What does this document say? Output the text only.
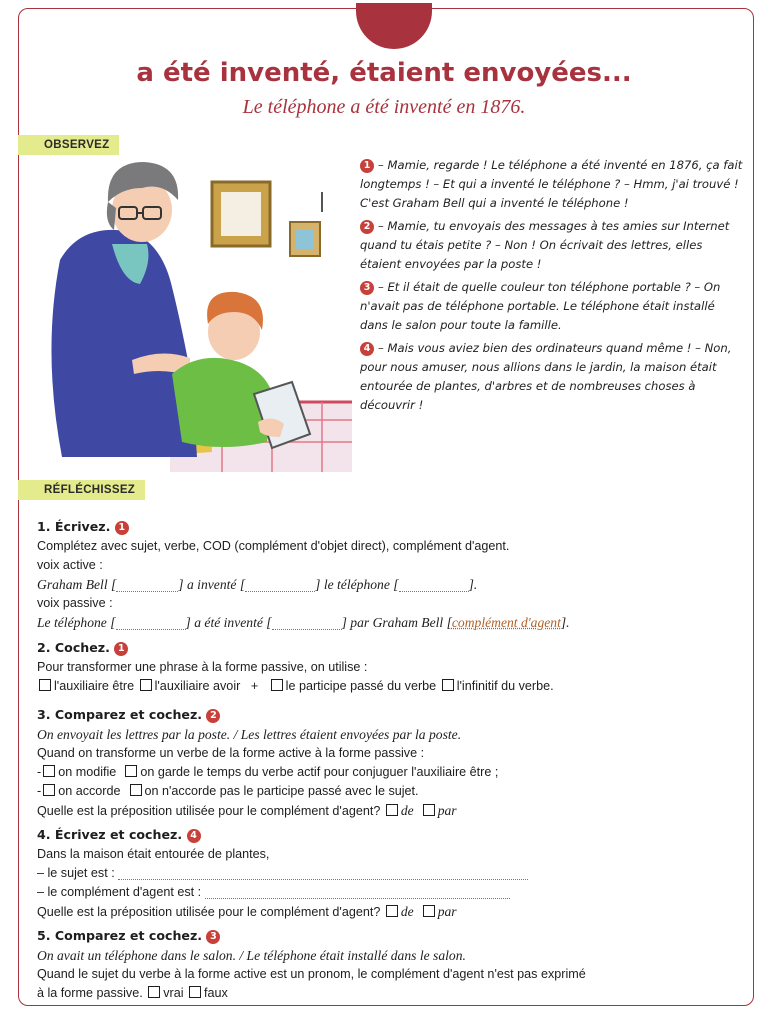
a été inventé, étaient envoyées...
Le téléphone a été inventé en 1876.
OBSERVEZ

1 – Mamie, regarde ! Le téléphone a été inventé en 1876, ça fait longtemps ! – Et qui a inventé le téléphone ? – Hmm, j'ai trouvé ! C'est Graham Bell qui a inventé le téléphone !

2 – Mamie, tu envoyais des messages à tes amies sur Internet quand tu étais petite ? – Non ! On écrivait des lettres, elles étaient envoyées par la poste !

3 – Et il était de quelle couleur ton téléphone portable ? – On n'avait pas de téléphone portable. Le téléphone était installé dans le salon pour toute la famille.

4 – Mais vous aviez bien des ordinateurs quand même ! – Non, pour nous amuser, nous allions dans le jardin, la maison était entourée de plantes, d'arbres et de nombreuses choses à découvrir !

RÉFLÉCHISSEZ

1. Écrivez. 1

Complétez avec sujet, verbe, COD (complément d'objet direct), complément d'agent.

voix active :

Graham Bell [	] a inventé [	] le téléphone [	].

voix passive :

Le téléphone [	] a été inventé [	] par Graham Bell [complément d'agent].

2. Cochez. 1

Pour transformer une phrase à la forme passive, on utilise :

l'auxiliaire être l'auxiliaire avoir + le participe passé du verbe l'infinitif du verbe.

3. Comparez et cochez. 2

On envoyait les lettres par la poste. / Les lettres étaient envoyées par la poste.

Quand on transforme un verbe de la forme active à la forme passive :

- on modifie on garde le temps du verbe actif pour conjuguer l'auxiliaire être ;

- on accorde on n'accorde pas le participe passé avec le sujet.

Quelle est la préposition utilisée pour le complément d'agent? de par

4. Écrivez et cochez. 4

Dans la maison était entourée de plantes,

– le sujet est :

– le complément d'agent est :

Quelle est la préposition utilisée pour le complément d'agent? de par

5. Comparez et cochez. 3

On avait un téléphone dans le salon. / Le téléphone était installé dans le salon.

Quand le sujet du verbe à la forme active est un pronom, le complément d'agent n'est pas exprimé

à la forme passive. vrai faux
